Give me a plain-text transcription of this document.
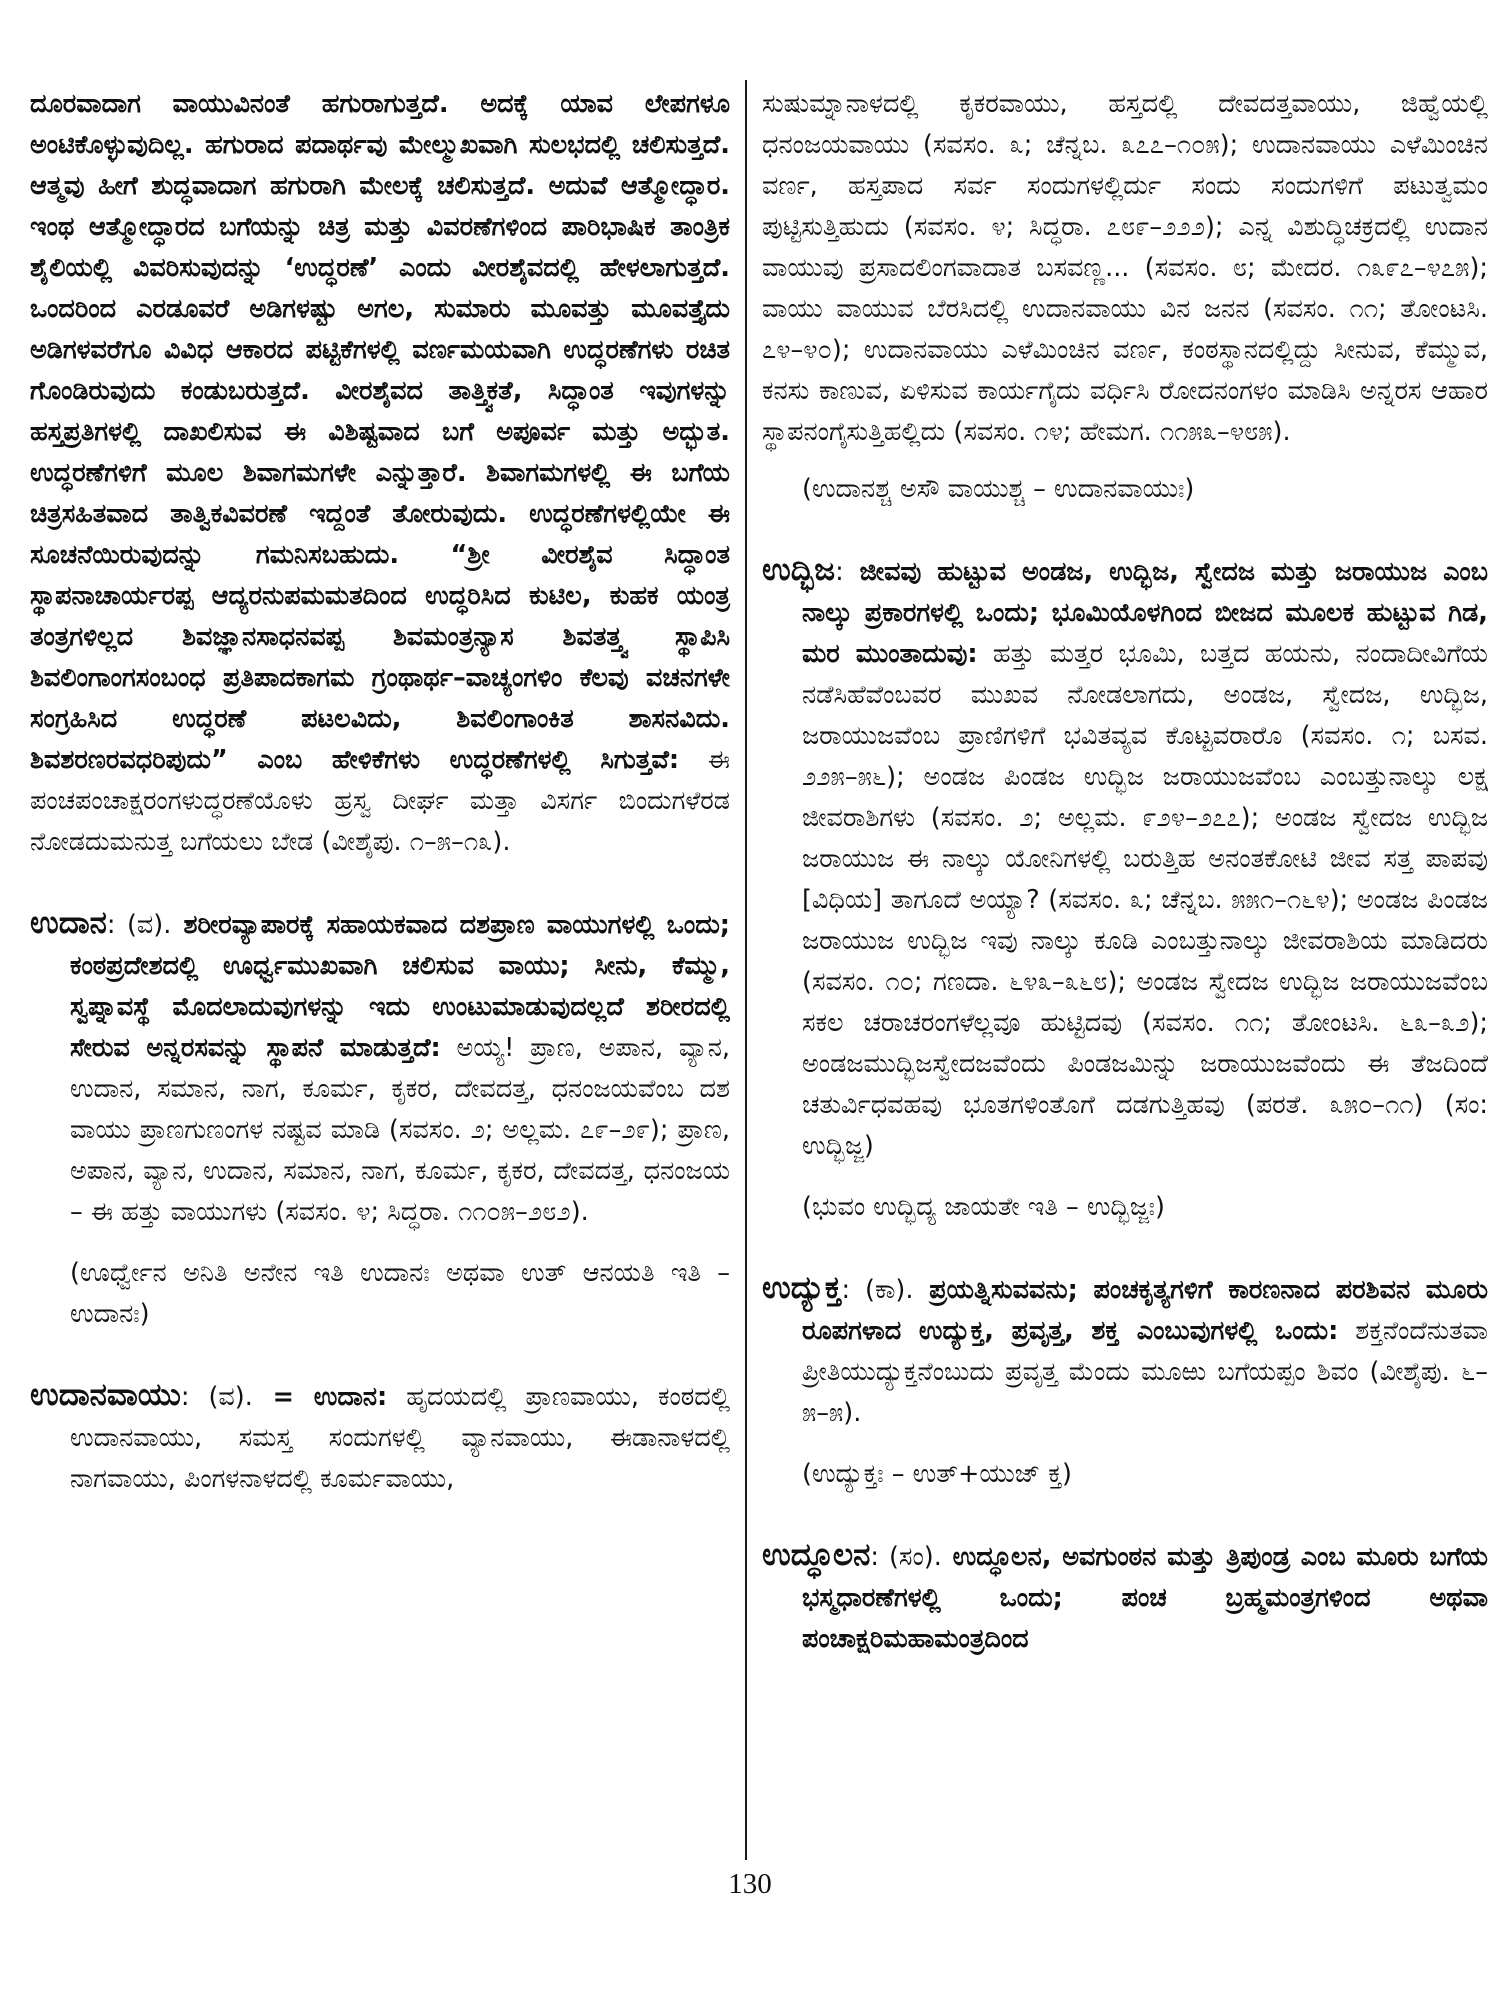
ದೂರವಾದಾಗ ವಾಯುವಿನಂತೆ ಹಗುರಾಗುತ್ತದೆ. ಅದಕ್ಕೆ ಯಾವ ಲೇಪಗಳೂ ಅಂಟಿಕೊಳ್ಳುವುದಿಲ್ಲ. ಹಗುರಾದ ಪದಾರ್ಥವು ಮೇಲ್ಮುಖವಾಗಿ ಸುಲಭದಲ್ಲಿ ಚಲಿಸುತ್ತದೆ. ಆತ್ಮವು ಹೀಗೆ ಶುದ್ಧವಾದಾಗ ಹಗುರಾಗಿ ಮೇಲಕ್ಕೆ ಚಲಿಸುತ್ತದೆ. ಅದುವೆ ಆತ್ಮೋದ್ಧಾರ. ಇಂಥ ಆತ್ಮೋದ್ಧಾರದ ಬಗೆಯನ್ನು ಚಿತ್ರ ಮತ್ತು ವಿವರಣೆಗಳಿಂದ ಪಾರಿಭಾಷಿಕ ತಾಂತ್ರಿಕ ಶೈಲಿಯಲ್ಲಿ ವಿವರಿಸುವುದನ್ನು ‘ಉದ್ಧರಣೆ’ ಎಂದು ವೀರಶೈವದಲ್ಲಿ ಹೇಳಲಾಗುತ್ತದೆ. ಒಂದರಿಂದ ಎರಡೂವರೆ ಅಡಿಗಳಷ್ಟು ಅಗಲ, ಸುಮಾರು ಮೂವತ್ತು ಮೂವತ್ತೈದು ಅಡಿಗಳವರೆಗೂ ವಿವಿಧ ಆಕಾರದ ಪಟ್ಟಿಕೆಗಳಲ್ಲಿ ವರ್ಣಮಯವಾಗಿ ಉದ್ಧರಣೆಗಳು ರಚಿತ ಗೊಂಡಿರುವುದು ಕಂಡುಬರುತ್ತದೆ. ವೀರಶೈವದ ತಾತ್ತ್ವಿಕತೆ, ಸಿದ್ಧಾಂತ ಇವುಗಳನ್ನು ಹಸ್ತಪ್ರತಿಗಳಲ್ಲಿ ದಾಖಲಿಸುವ ಈ ವಿಶಿಷ್ಟವಾದ ಬಗೆ ಅಪೂರ್ವ ಮತ್ತು ಅದ್ಭುತ. ಉದ್ಧರಣೆಗಳಿಗೆ ಮೂಲ ಶಿವಾಗಮಗಳೇ ಎನ್ನುತ್ತಾರೆ. ಶಿವಾಗಮಗಳಲ್ಲಿ ಈ ಬಗೆಯ ಚಿತ್ರಸಹಿತವಾದ ತಾತ್ವಿಕವಿವರಣೆ ಇದ್ದಂತೆ ತೋರುವುದು. ಉದ್ಧರಣೆಗಳಲ್ಲಿಯೇ ಈ ಸೂಚನೆಯಿರುವುದನ್ನು ಗಮನಿಸಬಹುದು. “ಶ್ರೀ ವೀರಶೈವ ಸಿದ್ಧಾಂತ ಸ್ಥಾಪನಾಚಾರ್ಯರಪ್ಪ ಆದ್ಯರನುಪಮಮತದಿಂದ ಉದ್ಧರಿಸಿದ ಕುಟಿಲ, ಕುಹಕ ಯಂತ್ರ ತಂತ್ರಗಳಿಲ್ಲದ ಶಿವಜ್ಞಾನಸಾಧನವಪ್ಪ ಶಿವಮಂತ್ರನ್ಯಾಸ ಶಿವತತ್ತ್ವ ಸ್ಥಾಪಿಸಿ ಶಿವಲಿಂಗಾಂಗಸಂಬಂಧ ಪ್ರತಿಪಾದಕಾಗಮ ಗ್ರಂಥಾರ್ಥ–ವಾಚ್ಯಂಗಳಿಂ ಕೆಲವು ವಚನಗಳೇ ಸಂಗ್ರಹಿಸಿದ ಉದ್ಧರಣೆ ಪಟಲವಿದು, ಶಿವಲಿಂಗಾಂಕಿತ ಶಾಸನವಿದು. ಶಿವಶರಣರವಧರಿಪುದು” ಎಂಬ ಹೇಳಿಕೆಗಳು ಉದ್ಧರಣೆಗಳಲ್ಲಿ ಸಿಗುತ್ತವೆ: ಈ ಪಂಚಪಂಚಾಕ್ಷರಂಗಳುದ್ಧರಣೆಯೊಳು ಹ್ರಸ್ವ ದೀರ್ಘ ಮತ್ತಾ ವಿಸರ್ಗ ಬಿಂದುಗಳೆರಡ ನೋಡದುಮನುತ್ತ ಬಗೆಯಲು ಬೇಡ (ವೀಶೈಪು. ೧–೫–೧೩).

ಉದಾನ: (ವ). ಶರೀರವ್ಯಾಪಾರಕ್ಕೆ ಸಹಾಯಕವಾದ ದಶಪ್ರಾಣ ವಾಯುಗಳಲ್ಲಿ ಒಂದು; ಕಂಠಪ್ರದೇಶದಲ್ಲಿ ಊರ್ಧ್ವಮುಖವಾಗಿ ಚಲಿಸುವ ವಾಯು; ಸೀನು, ಕೆಮ್ಮು, ಸ್ವಪ್ನಾವಸ್ಥೆ ಮೊದಲಾದುವುಗಳನ್ನು ಇದು ಉಂಟುಮಾಡುವುದಲ್ಲದೆ ಶರೀರದಲ್ಲಿ ಸೇರುವ ಅನ್ನರಸವನ್ನು ಸ್ಥಾಪನೆ ಮಾಡುತ್ತದೆ: ಅಯ್ಯ! ಪ್ರಾಣ, ಅಪಾನ, ವ್ಯಾನ, ಉದಾನ, ಸಮಾನ, ನಾಗ, ಕೂರ್ಮ, ಕೃಕರ, ದೇವದತ್ತ, ಧನಂಜಯವೆಂಬ ದಶ ವಾಯು ಪ್ರಾಣಗುಣಂಗಳ ನಷ್ಟವ ಮಾಡಿ (ಸವಸಂ. ೨; ಅಲ್ಲಮ. ೭೯–೨೯); ಪ್ರಾಣ, ಅಪಾನ, ವ್ಯಾನ, ಉದಾನ, ಸಮಾನ, ನಾಗ, ಕೂರ್ಮ, ಕೃಕರ, ದೇವದತ್ತ, ಧನಂಜಯ – ಈ ಹತ್ತು ವಾಯುಗಳು (ಸವಸಂ. ೪; ಸಿದ್ಧರಾ. ೧೧೦೫–೨೮೨).

(ಊರ್ಧ್ವೇನ ಅನಿತಿ ಅನೇನ ಇತಿ ಉದಾನಃ ಅಥವಾ ಉತ್ ಆನಯತಿ ಇತಿ – ಉದಾನಃ)

ಉದಾನವಾಯು: (ವ). = ಉದಾನ: ಹೃದಯದಲ್ಲಿ ಪ್ರಾಣವಾಯು, ಕಂಠದಲ್ಲಿ ಉದಾನವಾಯು, ಸಮಸ್ತ ಸಂದುಗಳಲ್ಲಿ ವ್ಯಾನವಾಯು, ಈಡಾನಾಳದಲ್ಲಿ ನಾಗವಾಯು, ಪಿಂಗಳನಾಳದಲ್ಲಿ ಕೂರ್ಮವಾಯು,

ಸುಷುಮ್ನಾನಾಳದಲ್ಲಿ ಕೃಕರವಾಯು, ಹಸ್ತದಲ್ಲಿ ದೇವದತ್ತವಾಯು, ಜಿಹ್ವೆಯಲ್ಲಿ ಧನಂಜಯವಾಯು (ಸವಸಂ. ೩; ಚೆನ್ನಬ. ೩೭೭–೧೦೫); ಉದಾನವಾಯು ಎಳೆಮಿಂಚಿನ ವರ್ಣ, ಹಸ್ತಪಾದ ಸರ್ವ ಸಂದುಗಳಲ್ಲಿರ್ದು ಸಂದು ಸಂದುಗಳಿಗೆ ಪಟುತ್ವಮಂ ಪುಟ್ಟಿಸುತ್ತಿಹುದು (ಸವಸಂ. ೪; ಸಿದ್ಧರಾ. ೭೮೯–೨೨೨); ಎನ್ನ ವಿಶುದ್ಧಿಚಕ್ರದಲ್ಲಿ ಉದಾನ ವಾಯುವು ಪ್ರಸಾದಲಿಂಗವಾದಾತ ಬಸವಣ್ಣ... (ಸವಸಂ. ೮; ಮೇದರ. ೧೩೯೭–೪೭೫); ವಾಯು ವಾಯುವ ಬೆರಸಿದಲ್ಲಿ ಉದಾನವಾಯು ವಿನ ಜನನ (ಸವಸಂ. ೧೧; ತೋಂಟಸಿ. ೭೪–೪೦); ಉದಾನವಾಯು ಎಳೆಮಿಂಚಿನ ವರ್ಣ, ಕಂಠಸ್ಥಾನದಲ್ಲಿದ್ದು ಸೀನುವ, ಕೆಮ್ಮುವ, ಕನಸು ಕಾಣುವ, ಏಳಿಸುವ ಕಾರ್ಯಗೈದು ವರ್ಧಿಸಿ ರೋದನಂಗಳಂ ಮಾಡಿಸಿ ಅನ್ನರಸ ಆಹಾರ ಸ್ಥಾಪನಂಗೈಸುತ್ತಿಹಲ್ಲಿದು (ಸವಸಂ. ೧೪; ಹೇಮಗ. ೧೧೫೩–೪೮೫).

(ಉದಾನಶ್ಚ ಅಸೌ ವಾಯುಶ್ಚ – ಉದಾನವಾಯುಃ)

ಉದ್ಭಿಜ: ಜೀವವು ಹುಟ್ಟುವ ಅಂಡಜ, ಉದ್ಭಿಜ, ಸ್ವೇದಜ ಮತ್ತು ಜರಾಯುಜ ಎಂಬ ನಾಲ್ಕು ಪ್ರಕಾರಗಳಲ್ಲಿ ಒಂದು; ಭೂಮಿಯೊಳಗಿಂದ ಬೀಜದ ಮೂಲಕ ಹುಟ್ಟುವ ಗಿಡ, ಮರ ಮುಂತಾದುವು: ಹತ್ತು ಮತ್ತರ ಭೂಮಿ, ಬತ್ತದ ಹಯನು, ನಂದಾದೀವಿಗೆಯ ನಡೆಸಿಹೆವೆಂಬವರ ಮುಖವ ನೋಡಲಾಗದು, ಅಂಡಜ, ಸ್ವೇದಜ, ಉದ್ಭಿಜ, ಜರಾಯುಜವೆಂಬ ಪ್ರಾಣಿಗಳಿಗೆ ಭವಿತವ್ಯವ ಕೊಟ್ಟವರಾರೊ (ಸವಸಂ. ೧; ಬಸವ. ೨೨೫–೫೬); ಅಂಡಜ ಪಿಂಡಜ ಉದ್ಭಿಜ ಜರಾಯುಜವೆಂಬ ಎಂಬತ್ತುನಾಲ್ಕು ಲಕ್ಷ ಜೀವರಾಶಿಗಳು (ಸವಸಂ. ೨; ಅಲ್ಲಮ. ೯೨೪–೨೭೭); ಅಂಡಜ ಸ್ವೇದಜ ಉದ್ಭಿಜ ಜರಾಯುಜ ಈ ನಾಲ್ಕು ಯೋನಿಗಳಲ್ಲಿ ಬರುತ್ತಿಹ ಅನಂತಕೋಟಿ ಜೀವ ಸತ್ತ ಪಾಪವು [ವಿಧಿಯ] ತಾಗೂದೆ ಅಯ್ಯಾ? (ಸವಸಂ. ೩; ಚೆನ್ನಬ. ೫೫೧–೧೬೪); ಅಂಡಜ ಪಿಂಡಜ ಜರಾಯುಜ ಉದ್ಭಿಜ ಇವು ನಾಲ್ಕು ಕೂಡಿ ಎಂಬತ್ತುನಾಲ್ಕು ಜೀವರಾಶಿಯ ಮಾಡಿದರು (ಸವಸಂ. ೧೦; ಗಣದಾ. ೬೪೩–೩೬೮); ಅಂಡಜ ಸ್ವೇದಜ ಉದ್ಭಿಜ ಜರಾಯುಜವೆಂಬ ಸಕಲ ಚರಾಚರಂಗಳೆಲ್ಲವೂ ಹುಟ್ಟಿದವು (ಸವಸಂ. ೧೧; ತೋಂಟಸಿ. ೬೩–೩೨); ಅಂಡಜಮುದ್ಭಿಜಸ್ವೇದಜವೆಂದು ಪಿಂಡಜಮಿನ್ನು ಜರಾಯುಜವೆಂದು ಈ ತೆಜದಿಂದೆ ಚತುರ್ವಿಧವಹವು ಭೂತಗಳಿಂತೊಗೆ ದಡಗುತ್ತಿಹವು (ಪರತೆ. ೩೫೦–೧೧) (ಸಂ: ಉದ್ಭಿಜ್ಜ)

(ಭುವಂ ಉದ್ಭಿದ್ಯ ಜಾಯತೇ ಇತಿ – ಉದ್ಭಿಜ್ಜಃ)

ಉದ್ಯುಕ್ತ: (ಕಾ). ಪ್ರಯತ್ನಿಸುವವನು; ಪಂಚಕೃತ್ಯಗಳಿಗೆ ಕಾರಣನಾದ ಪರಶಿವನ ಮೂರು ರೂಪಗಳಾದ ಉದ್ಯುಕ್ತ, ಪ್ರವೃತ್ತ, ಶಕ್ತ ಎಂಬುವುಗಳಲ್ಲಿ ಒಂದು: ಶಕ್ತನೆಂದೆನುತವಾ ಪ್ರೀತಿಯುದ್ಯುಕ್ತನೆಂಬುದು ಪ್ರವೃತ್ತ ಮೆಂದು ಮೂಱು ಬಗೆಯಪ್ಪಂ ಶಿವಂ (ವೀಶೈಪು. ೬–೫–೫).

(ಉದ್ಯುಕ್ತಃ – ಉತ್+ಯುಜ್ ಕ್ತ)

ಉದ್ಧೂಲನ: (ಸಂ). ಉದ್ಧೂಲನ, ಅವಗುಂಠನ ಮತ್ತು ತ್ರಿಪುಂಡ್ರ ಎಂಬ ಮೂರು ಬಗೆಯ ಭಸ್ಮಧಾರಣೆಗಳಲ್ಲಿ ಒಂದು; ಪಂಚ ಬ್ರಹ್ಮಮಂತ್ರಗಳಿಂದ ಅಥವಾ ಪಂಚಾಕ್ಷರಿಮಹಾಮಂತ್ರದಿಂದ
130
